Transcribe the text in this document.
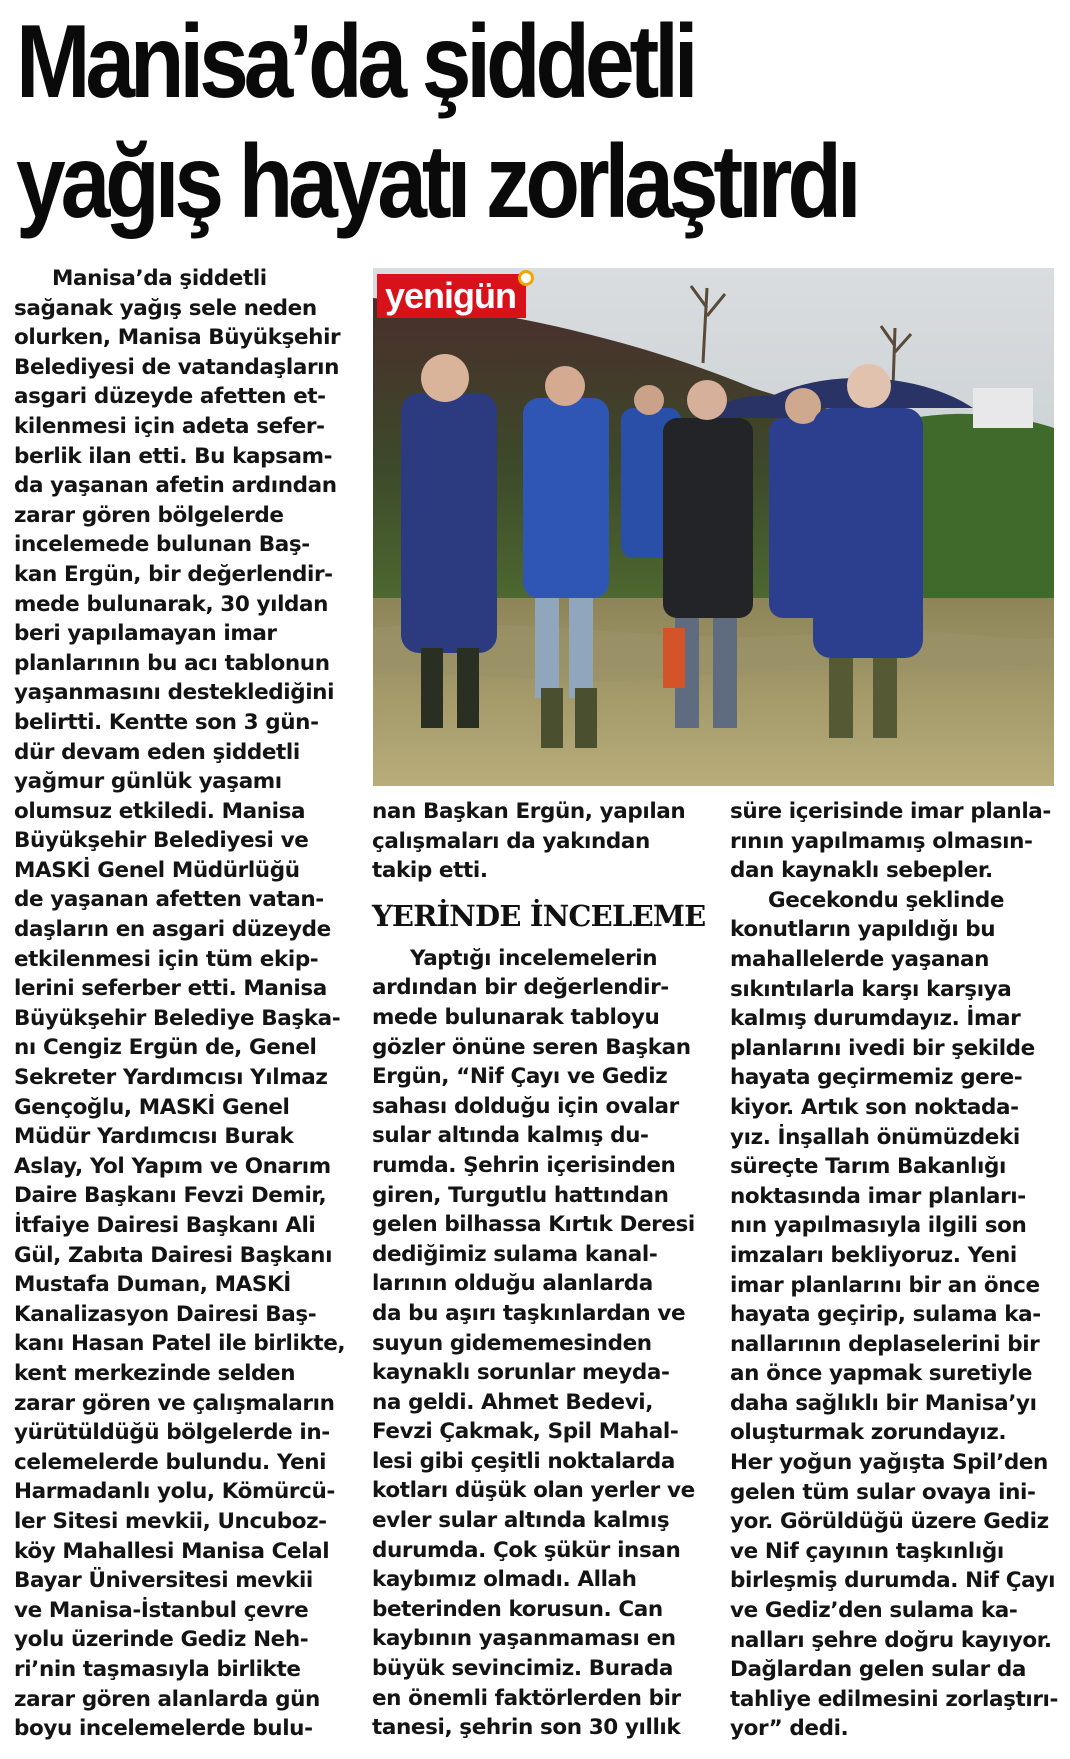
Manisa’da şiddetli
yağış hayatı zorlaştırdı

Manisa’da şiddetli

sağanak yağış sele neden

olurken, Manisa Büyükşehir

Belediyesi de vatandaşların

asgari düzeyde afetten et-

kilenmesi için adeta sefer-

berlik ilan etti. Bu kapsam-

da yaşanan afetin ardından

zarar gören bölgelerde

incelemede bulunan Baş-

kan Ergün, bir değerlendir-

mede bulunarak, 30 yıldan

beri yapılamayan imar

planlarının bu acı tablonun

yaşanmasını desteklediğini

belirtti. Kentte son 3 gün-

dür devam eden şiddetli

yağmur günlük yaşamı

olumsuz etkiledi. Manisa

Büyükşehir Belediyesi ve

MASKİ Genel Müdürlüğü

de yaşanan afetten vatan-

daşların en asgari düzeyde

etkilenmesi için tüm ekip-

lerini seferber etti. Manisa

Büyükşehir Belediye Başka-

nı Cengiz Ergün de, Genel

Sekreter Yardımcısı Yılmaz

Gençoğlu, MASKİ Genel

Müdür Yardımcısı Burak

Aslay, Yol Yapım ve Onarım

Daire Başkanı Fevzi Demir,

İtfaiye Dairesi Başkanı Ali

Gül, Zabıta Dairesi Başkanı

Mustafa Duman, MASKİ

Kanalizasyon Dairesi Baş-

kanı Hasan Patel ile birlikte,

kent merkezinde selden

zarar gören ve çalışmaların

yürütüldüğü bölgelerde in-

celemelerde bulundu. Yeni

Harmadanlı yolu, Kömürcü-

ler Sitesi mevkii, Uncuboz-

köy Mahallesi Manisa Celal

Bayar Üniversitesi mevkii

ve Manisa-İstanbul çevre

yolu üzerinde Gediz Neh-

ri’nin taşmasıyla birlikte

zarar gören alanlarda gün

boyu incelemelerde bulu-

yenigün

nan Başkan Ergün, yapılan

çalışmaları da yakından

takip etti.

YERİNDE İNCELEME

Yaptığı incelemelerin

ardından bir değerlendir-

mede bulunarak tabloyu

gözler önüne seren Başkan

Ergün, “Nif Çayı ve Gediz

sahası dolduğu için ovalar

sular altında kalmış du-

rumda. Şehrin içerisinden

giren, Turgutlu hattından

gelen bilhassa Kırtık Deresi

dediğimiz sulama kanal-

larının olduğu alanlarda

da bu aşırı taşkınlardan ve

suyun gidememesinden

kaynaklı sorunlar meyda-

na geldi. Ahmet Bedevi,

Fevzi Çakmak, Spil Mahal-

lesi gibi çeşitli noktalarda

kotları düşük olan yerler ve

evler sular altında kalmış

durumda. Çok şükür insan

kaybımız olmadı. Allah

beterinden korusun. Can

kaybının yaşanmaması en

büyük sevincimiz. Burada

en önemli faktörlerden bir

tanesi, şehrin son 30 yıllık

süre içerisinde imar planla-

rının yapılmamış olmasın-

dan kaynaklı sebepler.

Gecekondu şeklinde

konutların yapıldığı bu

mahallelerde yaşanan

sıkıntılarla karşı karşıya

kalmış durumdayız. İmar

planlarını ivedi bir şekilde

hayata geçirmemiz gere-

kiyor. Artık son noktada-

yız. İnşallah önümüzdeki

süreçte Tarım Bakanlığı

noktasında imar planları-

nın yapılmasıyla ilgili son

imzaları bekliyoruz. Yeni

imar planlarını bir an önce

hayata geçirip, sulama ka-

nallarının deplaselerini bir

an önce yapmak suretiyle

daha sağlıklı bir Manisa’yı

oluşturmak zorundayız.

Her yoğun yağışta Spil’den

gelen tüm sular ovaya ini-

yor. Görüldüğü üzere Gediz

ve Nif çayının taşkınlığı

birleşmiş durumda. Nif Çayı

ve Gediz’den sulama ka-

nalları şehre doğru kayıyor.

Dağlardan gelen sular da

tahliye edilmesini zorlaştırı-

yor” dedi.
